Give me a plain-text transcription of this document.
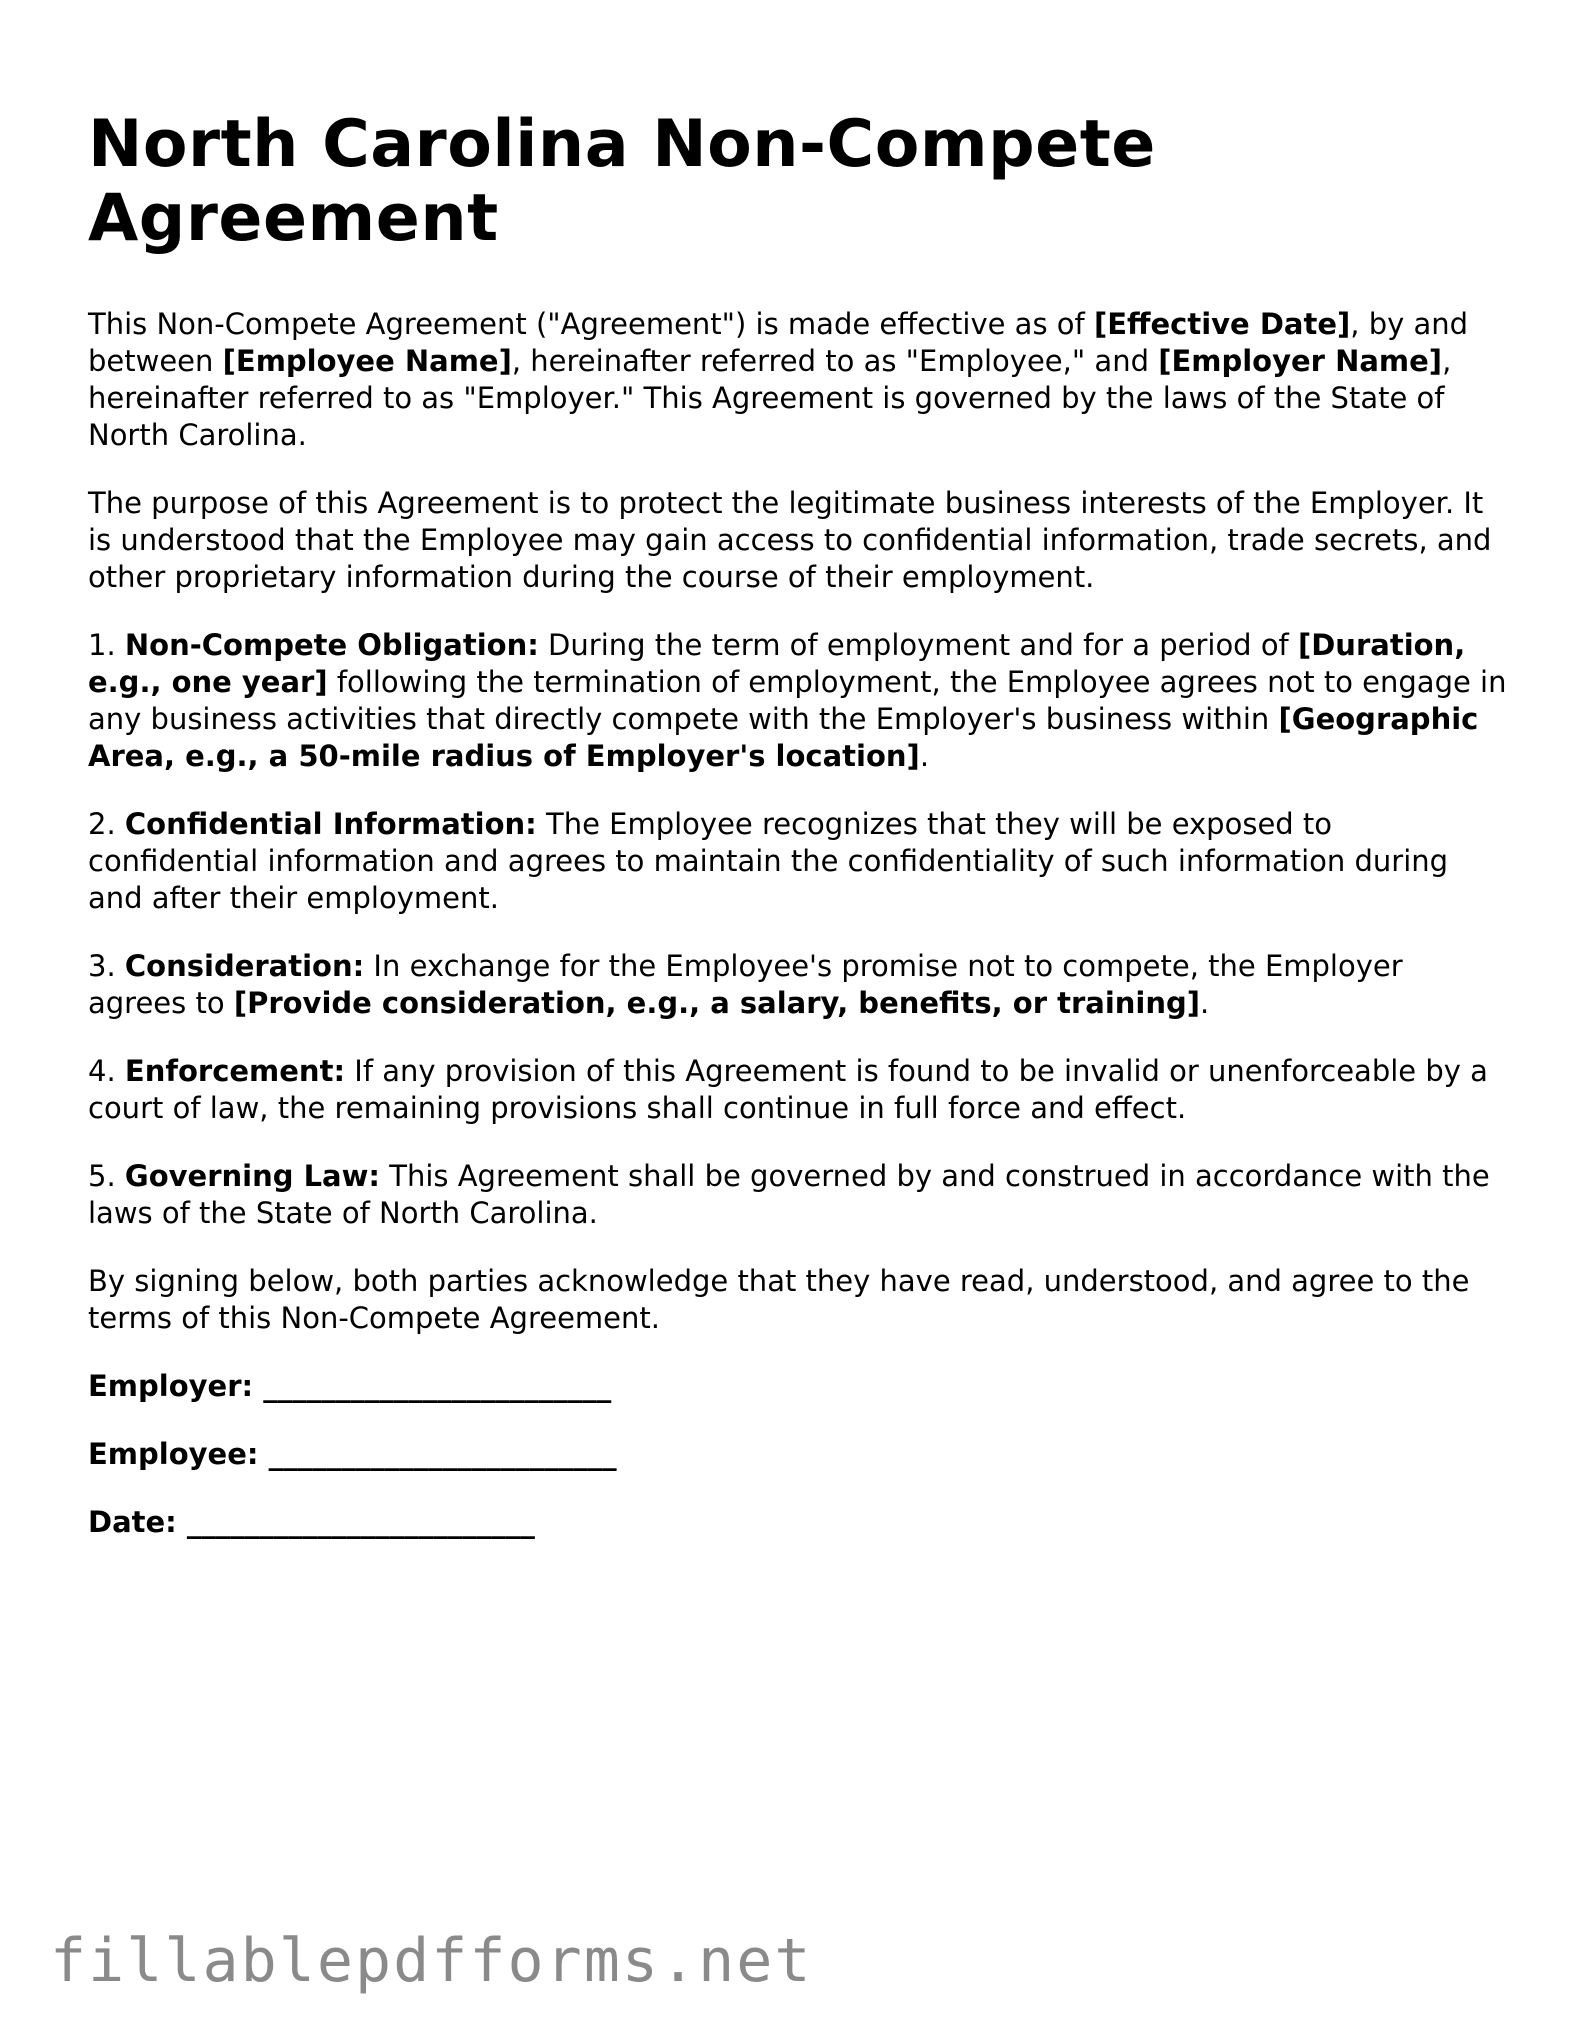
North Carolina Non-Compete Agreement

This Non-Compete Agreement ("Agreement") is made effective as of [Effective Date], by and between [Employee Name], hereinafter referred to as "Employee," and [Employer Name], hereinafter referred to as "Employer." This Agreement is governed by the laws of the State of North Carolina.

The purpose of this Agreement is to protect the legitimate business interests of the Employer. It is understood that the Employee may gain access to confidential information, trade secrets, and other proprietary information during the course of their employment.

1. Non-Compete Obligation: During the term of employment and for a period of [Duration, e.g., one year] following the termination of employment, the Employee agrees not to engage in any business activities that directly compete with the Employer's business within [Geographic Area, e.g., a 50-mile radius of Employer's location].

2. Confidential Information: The Employee recognizes that they will be exposed to confidential information and agrees to maintain the confidentiality of such information during and after their employment.

3. Consideration: In exchange for the Employee's promise not to compete, the Employer agrees to [Provide consideration, e.g., a salary, benefits, or training].

4. Enforcement: If any provision of this Agreement is found to be invalid or unenforceable by a court of law, the remaining provisions shall continue in full force and effect.

5. Governing Law: This Agreement shall be governed by and construed in accordance with the laws of the State of North Carolina.

By signing below, both parties acknowledge that they have read, understood, and agree to the terms of this Non-Compete Agreement.

Employer: ________________________
Employee: ________________________
Date: ________________________
fillablepdfforms.net
